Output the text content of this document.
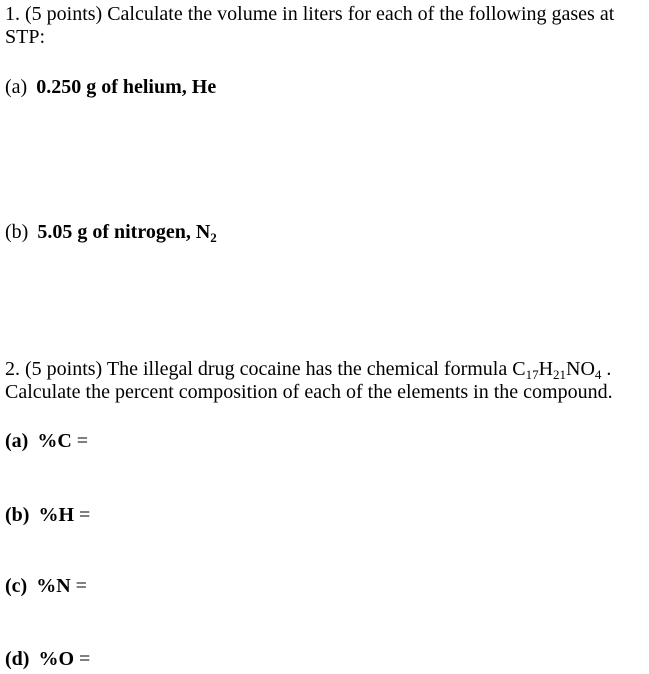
1. (5 points) Calculate the volume in liters for each of the following gases at
STP:
(a) 0.250 g of helium, He
(b) 5.05 g of nitrogen, $N_2$
2. (5 points) The illegal drug cocaine has the chemical formula $C_{17}H_{21}NO_4$ .
Calculate the percent composition of each of the elements in the compound.
(a) %C =
(b) %H =
(c) %N =
(d) %O =
